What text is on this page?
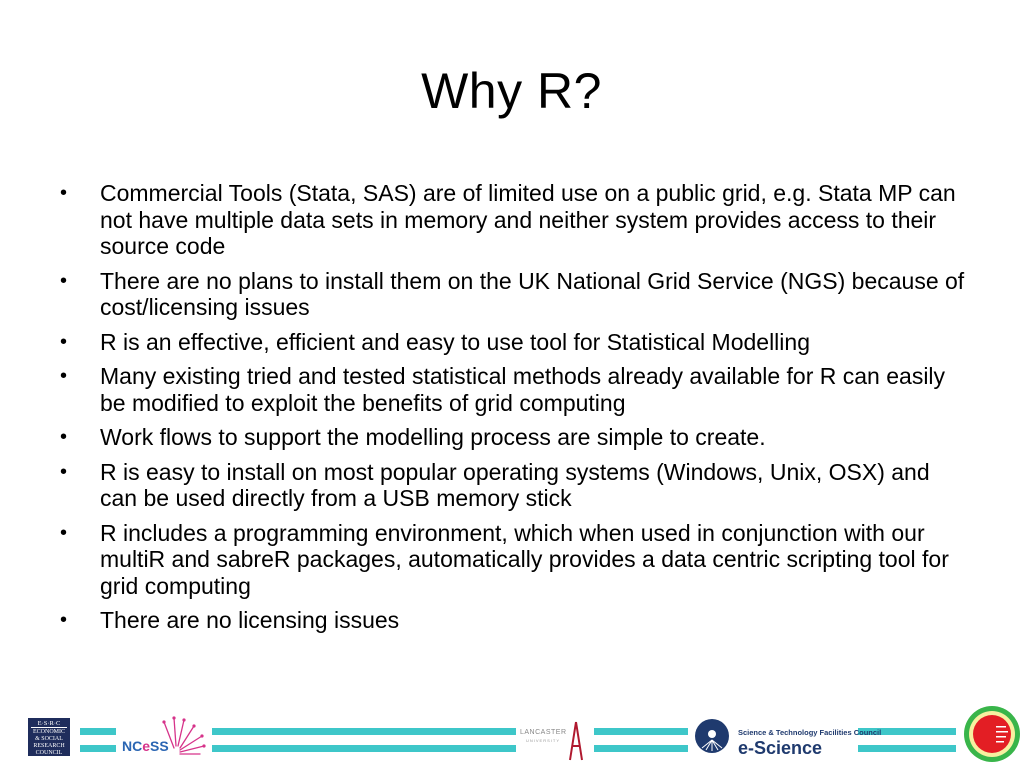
Why R?
• Commercial Tools (Stata, SAS) are of limited use on a public grid, e.g. Stata MP can not have multiple data sets in memory and neither system provides access to their source code
• There are no plans to install them on the UK National Grid Service (NGS) because of cost/licensing issues
• R is an effective, efficient and easy to use tool for Statistical Modelling
• Many existing tried and tested statistical methods already available for R can easily be modified to exploit the benefits of grid computing
• Work flows to support the modelling process are simple to create.
• R is easy to install on most popular operating systems (Windows, Unix, OSX) and can be used directly from a USB memory stick
• R includes a programming environment, which when used in conjunction with our multiR and sabreR packages, automatically provides a data centric scripting tool for grid computing
• There are no licensing issues
E·S·R·C
ECONOMIC
& SOCIAL
RESEARCH
COUNCIL	NCeSS
LANCASTER
UNIVERSITY
Science & Technology Facilities Council
e-Science
